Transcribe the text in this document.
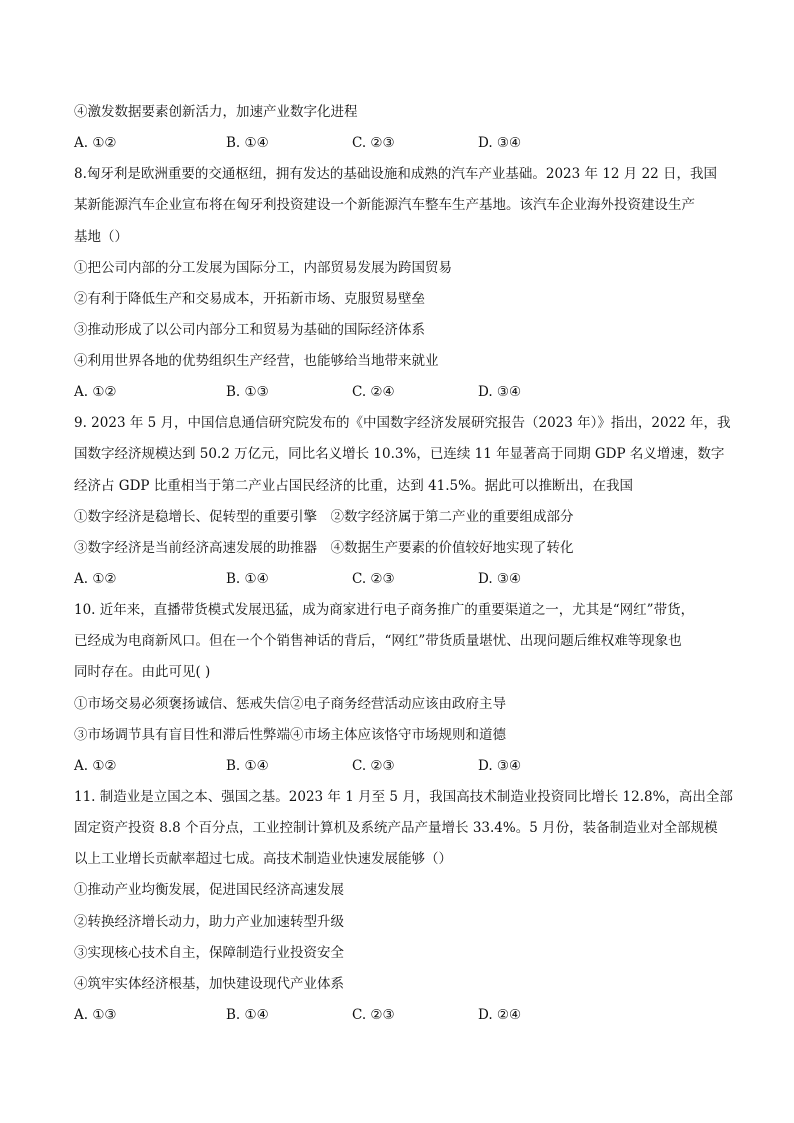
④激发数据要素创新活力，加速产业数字化进程
A. ①②	B. ①④	C. ②③	D. ③④
8.匈牙利是欧洲重要的交通枢纽，拥有发达的基础设施和成熟的汽车产业基础。2023 年 12 月 22 日，我国
某新能源汽车企业宣布将在匈牙利投资建设一个新能源汽车整车生产基地。该汽车企业海外投资建设生产
基地（）
①把公司内部的分工发展为国际分工，内部贸易发展为跨国贸易
②有利于降低生产和交易成本，开拓新市场、克服贸易壁垒
③推动形成了以公司内部分工和贸易为基础的国际经济体系
④利用世界各地的优势组织生产经营，也能够给当地带来就业
A. ①②	B. ①③	C. ②④	D. ③④
9. 2023 年 5 月，中国信息通信研究院发布的《中国数字经济发展研究报告（2023 年）》指出，2022 年，我
国数字经济规模达到 50.2 万亿元，同比名义增长 10.3%，已连续 11 年显著高于同期 GDP 名义增速，数字
经济占 GDP 比重相当于第二产业占国民经济的比重，达到 41.5%。据此可以推断出，在我国
①数字经济是稳增长、促转型的重要引擎　②数字经济属于第二产业的重要组成部分
③数字经济是当前经济高速发展的助推器　④数据生产要素的价值较好地实现了转化
A. ①②	B. ①④	C. ②③	D. ③④
10. 近年来，直播带货模式发展迅猛，成为商家进行电子商务推广的重要渠道之一，尤其是“网红”带货，
已经成为电商新风口。但在一个个销售神话的背后，“网红”带货质量堪忧、出现问题后维权难等现象也
同时存在。由此可见( )
①市场交易必须褒扬诚信、惩戒失信②电子商务经营活动应该由政府主导
③市场调节具有盲目性和滞后性弊端④市场主体应该恪守市场规则和道德
A. ①②	B. ①④	C. ②③	D. ③④
11. 制造业是立国之本、强国之基。2023 年 1 月至 5 月，我国高技术制造业投资同比增长 12.8%，高出全部
固定资产投资 8.8 个百分点，工业控制计算机及系统产品产量增长 33.4%。5 月份，装备制造业对全部规模
以上工业增长贡献率超过七成。高技术制造业快速发展能够（）
①推动产业均衡发展，促进国民经济高速发展
②转换经济增长动力，助力产业加速转型升级
③实现核心技术自主，保障制造行业投资安全
④筑牢实体经济根基，加快建设现代产业体系
A. ①③	B. ①④	C. ②③	D. ②④
